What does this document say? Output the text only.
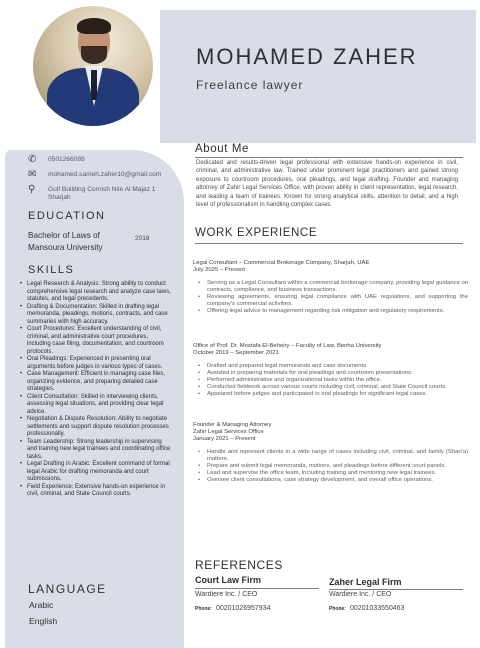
MOHAMED ZAHER
Freelance lawyer
✆ 0501266088
✉ mohamed.sameh.zaher10@gmail.com
⚲	Gulf Building Cornish Nile Al Majaz 1
Sharjah
EDUCATION
Bachelor of Laws of Mansoura University
2018
SKILLS
• Legal Research & Analysis: Strong ability to conduct comprehensive legal research and analyze case laws, statutes, and legal precedents.
• Drafting & Documentation: Skilled in drafting legal memoranda, pleadings, motions, contracts, and case summaries with high accuracy.
• Court Procedures: Excellent understanding of civil, criminal, and administrative court procedures, including case filing, documentation, and courtroom protocols.
• Oral Pleadings: Experienced in presenting oral arguments before judges in various types of cases.
• Case Management: Efficient in managing case files, organizing evidence, and preparing detailed case strategies.
• Client Consultation: Skilled in interviewing clients, assessing legal situations, and providing clear legal advice.
• Negotiation & Dispute Resolution: Ability to negotiate settlements and support dispute resolution processes professionally.
• Team Leadership: Strong leadership in supervising and training new legal trainees and coordinating office tasks.
• Legal Drafting in Arabic: Excellent command of formal legal Arabic for drafting memoranda and court submissions.
• Field Experience: Extensive hands-on experience in civil, criminal, and State Council courts.
LANGUAGE
Arabic
English
About Me
Dedicated and results-driven legal professional with extensive hands-on experience in civil, criminal, and administrative law. Trained under prominent legal practitioners and gained strong exposure to courtroom procedures, oral pleadings, and legal drafting. Founder and managing attorney of Zahir Legal Services Office, with proven ability in client representation, legal research, and leading a team of trainees. Known for strong analytical skills, attention to detail, and a high level of professionalism in handling complex cases.
WORK EXPERIENCE
Legal Consultant – Commercial Brokerage Company, Sharjah, UAE
July 2025 – Present
• Serving as a Legal Consultant within a commercial brokerage company, providing legal guidance on contracts, compliance, and business transactions.
• Reviewing agreements, ensuring legal compliance with UAE regulations, and supporting the company's commercial activities.
• Offering legal advice to management regarding risk mitigation and regulatory requirements.
Office of Prof. Dr. Mostafa El-Beheiry – Faculty of Law, Benha University
October 2019 – September 2021
• Drafted and prepared legal memoranda and case documents.
• Assisted in preparing materials for oral pleadings and courtroom presentations.
• Performed administrative and organizational tasks within the office.
• Conducted fieldwork across various courts including civil, criminal, and State Council courts.
• Appeared before judges and participated in oral pleadings for significant legal cases.
Founder & Managing Attorney
Zahir Legal Services Office
January 2021 – Present
• Handle and represent clients in a wide range of cases including civil, criminal, and family (Shari'a) matters.
• Prepare and submit legal memoranda, motions, and pleadings before different court panels.
• Lead and supervise the office team, including training and mentoring new legal trainees.
• Oversee client consultations, case strategy development, and overall office operations.
REFERENCES
Court Law Firm
Wardiere Inc. / CEO
Phone: 00201026957934
Zaher Legal Firm
Wardiere Inc. / CEO
Phone: 00201033550463
